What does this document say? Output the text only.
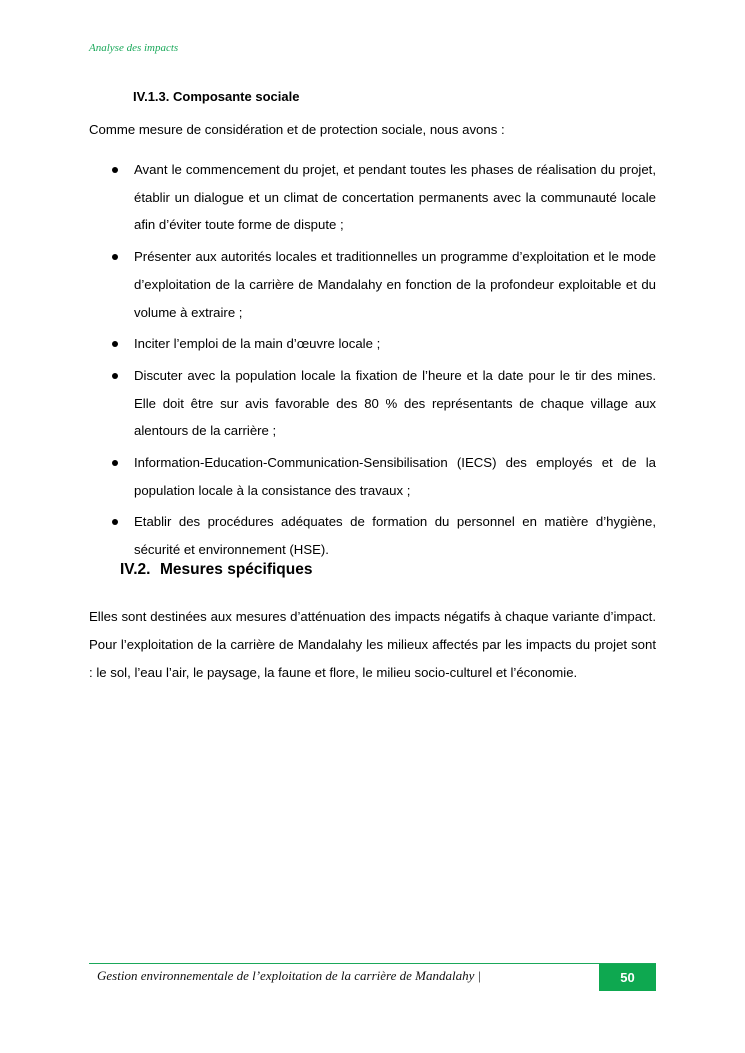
Analyse des impacts
IV.1.3. Composante sociale
Comme mesure de considération et de protection sociale, nous avons :
Avant le commencement du projet, et pendant toutes les phases de réalisation du projet, établir un dialogue et un climat de concertation permanents avec la communauté locale afin d’éviter toute forme de dispute ;
Présenter aux autorités locales et traditionnelles un programme d’exploitation et le mode d’exploitation de la carrière de Mandalahy en fonction de la profondeur exploitable et du volume à extraire ;
Inciter l’emploi de la main d’œuvre locale ;
Discuter avec la population locale la fixation de l’heure et la date pour le tir des mines. Elle doit être sur avis favorable des 80 % des représentants de chaque village aux alentours de la carrière ;
Information-Education-Communication-Sensibilisation (IECS) des employés et de la population locale à la consistance des travaux ;
Etablir des procédures adéquates de formation du personnel en matière d’hygiène, sécurité et environnement (HSE).
IV.2. Mesures spécifiques

Elles sont destinées aux mesures d’atténuation des impacts négatifs à chaque variante d’impact. Pour l’exploitation de la carrière de Mandalahy les milieux affectés par les impacts du projet sont : le sol, l’eau l’air, le paysage, la faune et flore, le milieu socio-culturel et l’économie.

Gestion environnementale de l’exploitation de la carrière de Mandalahy |	50
